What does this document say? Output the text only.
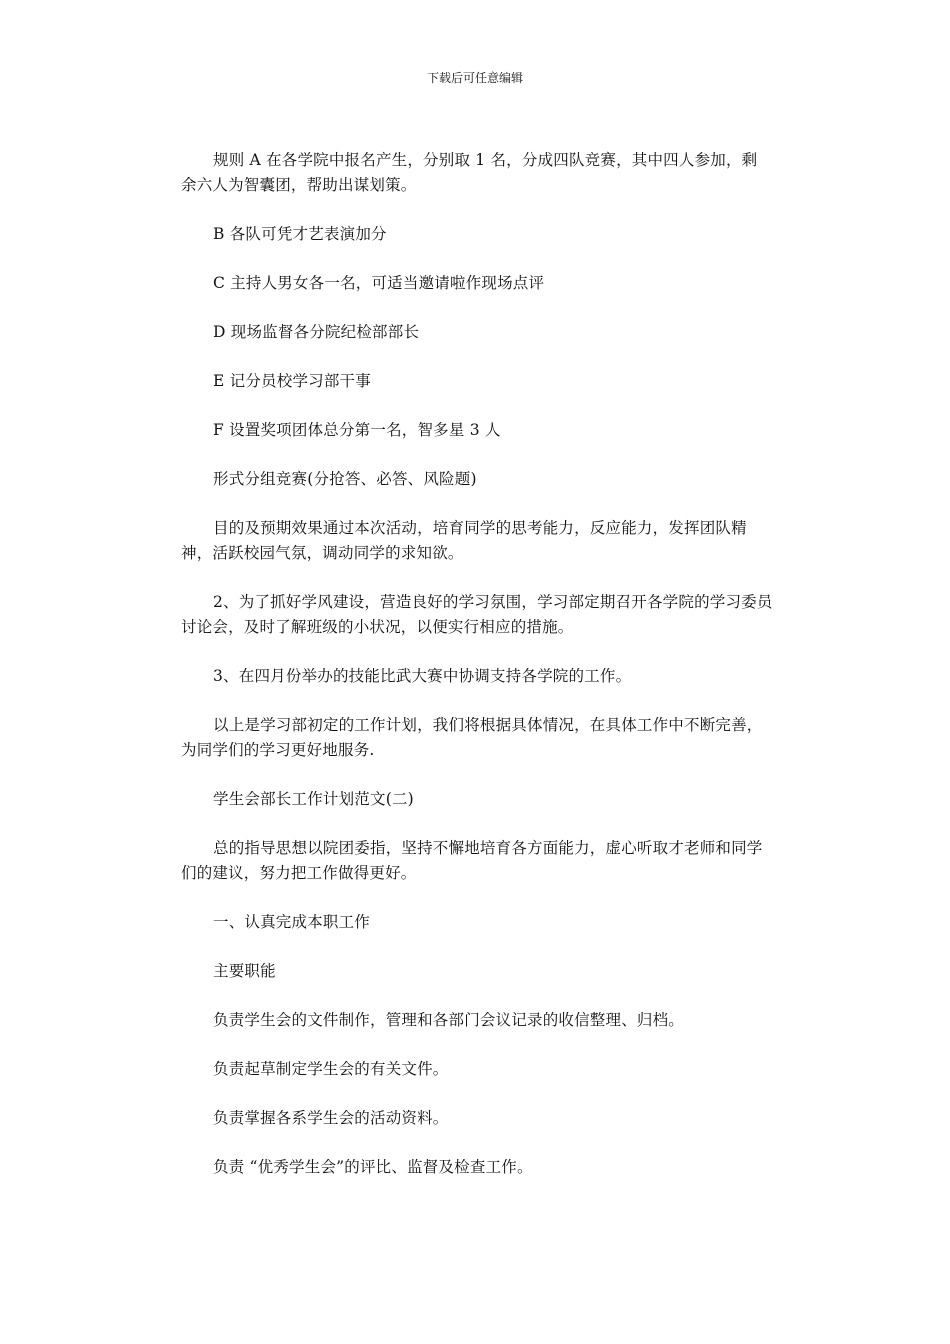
下载后可任意编辑

规则 A 在各学院中报名产生，分别取 1 名，分成四队竞赛，其中四人参加，剩余六人为智囊团，帮助出谋划策。

B 各队可凭才艺表演加分

C 主持人男女各一名，可适当邀请啦作现场点评

D 现场监督各分院纪检部部长

E 记分员校学习部干事

F 设置奖项团体总分第一名，智多星 3 人

形式分组竞赛(分抢答、必答、风险题)

目的及预期效果通过本次活动，培育同学的思考能力，反应能力，发挥团队精神，活跃校园气氛，调动同学的求知欲。

2、为了抓好学风建设，营造良好的学习氛围，学习部定期召开各学院的学习委员讨论会，及时了解班级的小状况，以便实行相应的措施。

3、在四月份举办的技能比武大赛中协调支持各学院的工作。

以上是学习部初定的工作计划，我们将根据具体情况，在具体工作中不断完善，为同学们的学习更好地服务.

学生会部长工作计划范文(二)

总的指导思想以院团委指，坚持不懈地培育各方面能力，虚心听取才老师和同学们的建议，努力把工作做得更好。

一、认真完成本职工作

主要职能

负责学生会的文件制作，管理和各部门会议记录的收信整理、归档。

负责起草制定学生会的有关文件。

负责掌握各系学生会的活动资料。

负责 “优秀学生会”的评比、监督及检查工作。
